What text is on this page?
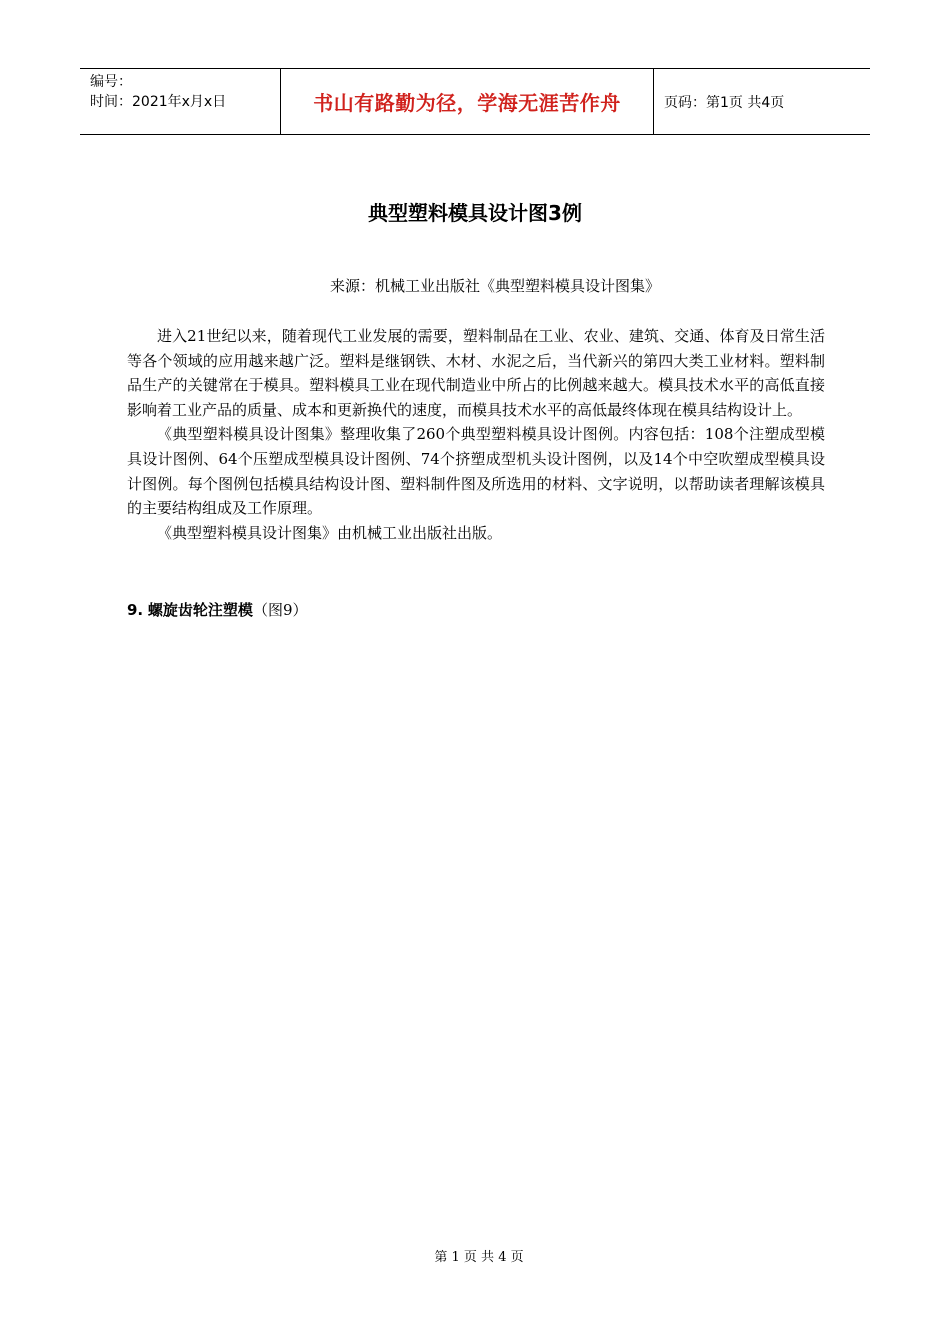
编号：
时间：2021年x月x日	书山有路勤为径，学海无涯苦作舟	页码：第1页 共4页
典型塑料模具设计图3例
来源：机械工业出版社《典型塑料模具设计图集》

进入21世纪以来，随着现代工业发展的需要，塑料制品在工业、农业、建筑、交通、体育及日常生活等各个领域的应用越来越广泛。塑料是继钢铁、木材、水泥之后，当代新兴的第四大类工业材料。塑料制品生产的关键常在于模具。塑料模具工业在现代制造业中所占的比例越来越大。模具技术水平的高低直接影响着工业产品的质量、成本和更新换代的速度，而模具技术水平的高低最终体现在模具结构设计上。

《典型塑料模具设计图集》整理收集了260个典型塑料模具设计图例。内容包括：108个注塑成型模具设计图例、64个压塑成型模具设计图例、74个挤塑成型机头设计图例，以及14个中空吹塑成型模具设计图例。每个图例包括模具结构设计图、塑料制件图及所选用的材料、文字说明，以帮助读者理解该模具的主要结构组成及工作原理。

《典型塑料模具设计图集》由机械工业出版社出版。

9. 螺旋齿轮注塑模（图9）
第 1 页 共 4 页
